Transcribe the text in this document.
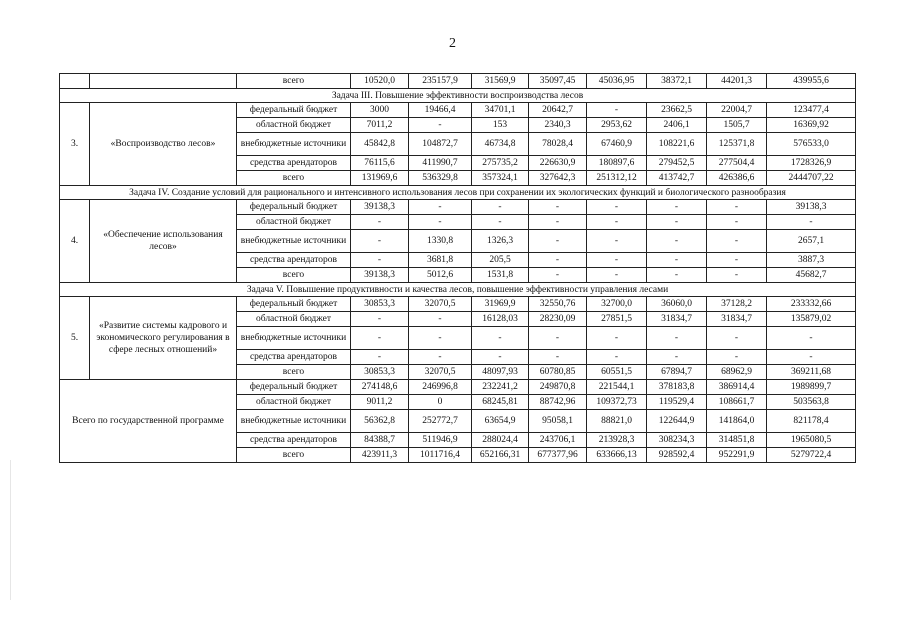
2
		всего	10520,0	235157,9	31569,9	35097,45	45036,95	38372,1	44201,3	439955,6
Задача III. Повышение эффективности воспроизводства лесов										
3.	«Воспроизводство лесов»	федеральный бюджет	3000	19466,4	34701,1	20642,7	-	23662,5	22004,7	123477,4
		областной бюджет	7011,2	-	153	2340,3	2953,62	2406,1	1505,7	16369,92
		внебюджетные источники	45842,8	104872,7	46734,8	78028,4	67460,9	108221,6	125371,8	576533,0
		средства арендаторов	76115,6	411990,7	275735,2	226630,9	180897,6	279452,5	277504,4	1728326,9
		всего	131969,6	536329,8	357324,1	327642,3	251312,12	413742,7	426386,6	2444707,22
Задача IV. Создание условий для рационального и интенсивного использования лесов при сохранении их экологических функций и биологического разнообразия										
4.	«Обеспечение использования лесов»	федеральный бюджет	39138,3	-	-	-	-	-	-	39138,3
		областной бюджет	-	-	-	-	-	-	-	-
		внебюджетные источники	-	1330,8	1326,3	-	-	-	-	2657,1
		средства арендаторов	-	3681,8	205,5	-	-	-	-	3887,3
		всего	39138,3	5012,6	1531,8	-	-	-	-	45682,7
Задача V. Повышение продуктивности и качества лесов, повышение эффективности управления лесами										
5.	«Развитие системы кадрового и экономического регулирования в сфере лесных отношений»	федеральный бюджет	30853,3	32070,5	31969,9	32550,76	32700,0	36060,0	37128,2	233332,66
		областной бюджет	-	-	16128,03	28230,09	27851,5	31834,7	31834,7	135879,02
		внебюджетные источники	-	-	-	-	-	-	-	-
		средства арендаторов	-	-	-	-	-	-	-	-
		всего	30853,3	32070,5	48097,93	60780,85	60551,5	67894,7	68962,9	369211,68
Всего по государственной программе		федеральный бюджет	274148,6	246996,8	232241,2	249870,8	221544,1	378183,8	386914,4	1989899,7
		областной бюджет	9011,2	0	68245,81	88742,96	109372,73	119529,4	108661,7	503563,8
		внебюджетные источники	56362,8	252772,7	63654,9	95058,1	88821,0	122644,9	141864,0	821178,4
		средства арендаторов	84388,7	511946,9	288024,4	243706,1	213928,3	308234,3	314851,8	1965080,5
		всего	423911,3	1011716,4	652166,31	677377,96	633666,13	928592,4	952291,9	5279722,4
